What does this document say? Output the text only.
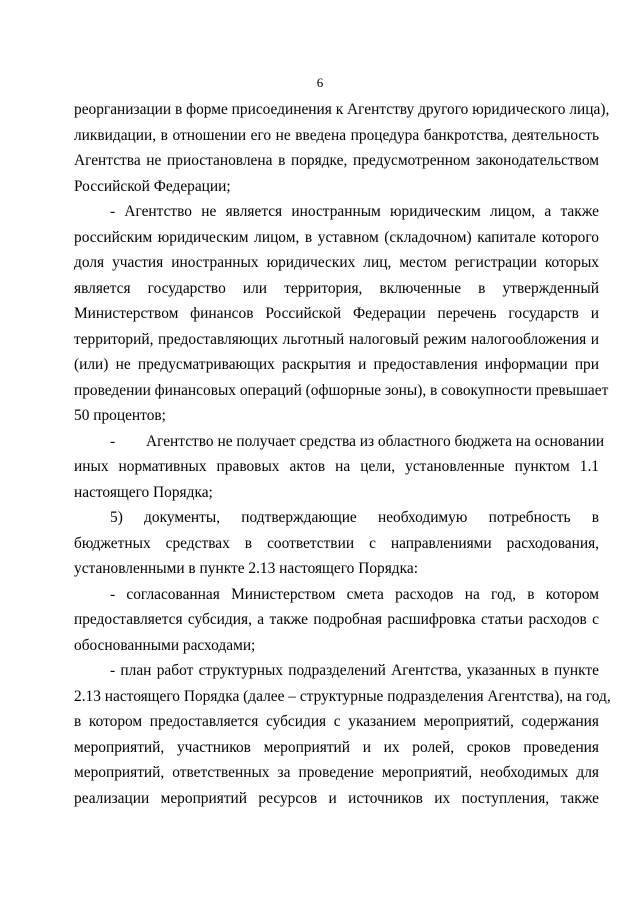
6
реорганизации в форме присоединения к Агентству другого юридического лица),
ликвидации, в отношении его не введена процедура банкротства, деятельность
Агентства не приостановлена в порядке, предусмотренном законодательством
Российской Федерации;
- Агентство не является иностранным юридическим лицом, а также
российским юридическим лицом, в уставном (складочном) капитале которого
доля участия иностранных юридических лиц, местом регистрации которых
является государство или территория, включенные в утвержденный
Министерством финансов Российской Федерации перечень государств и
территорий, предоставляющих льготный налоговый режим налогообложения и
(или) не предусматривающих раскрытия и предоставления информации при
проведении финансовых операций (офшорные зоны), в совокупности превышает
50 процентов;
-	Агентство не получает средства из областного бюджета на основании
иных нормативных правовых актов на цели, установленные пунктом 1.1
настоящего Порядка;
5) документы, подтверждающие необходимую потребность в
бюджетных средствах в соответствии с направлениями расходования,
установленными в пункте 2.13 настоящего Порядка:
- согласованная Министерством смета расходов на год, в котором
предоставляется субсидия, а также подробная расшифровка статьи расходов с
обоснованными расходами;
- план работ структурных подразделений Агентства, указанных в пункте
2.13 настоящего Порядка (далее – структурные подразделения Агентства), на год,
в котором предоставляется субсидия с указанием мероприятий, содержания
мероприятий, участников мероприятий и их ролей, сроков проведения
мероприятий, ответственных за проведение мероприятий, необходимых для
реализации мероприятий ресурсов и источников их поступления, также
